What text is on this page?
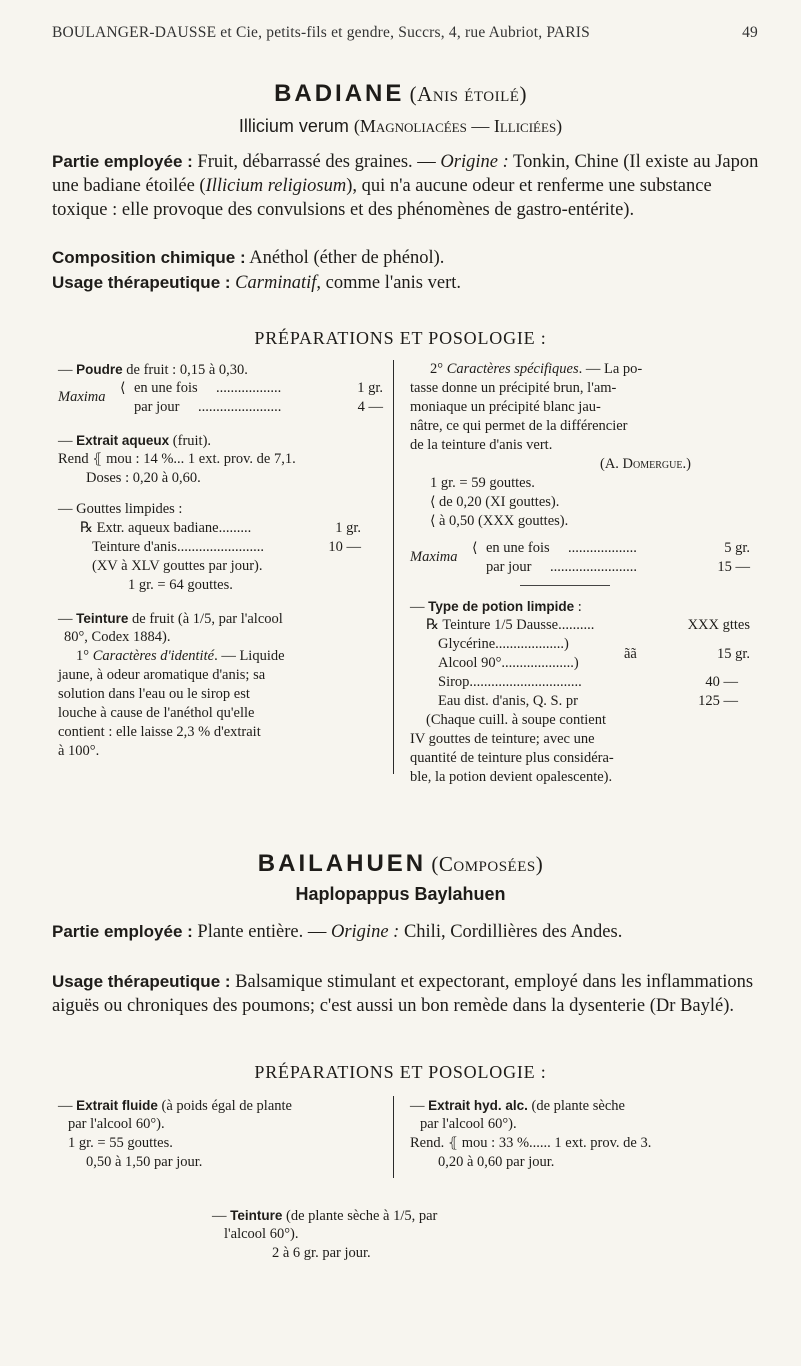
BOULANGER-DAUSSE et Cie, petits-fils et gendre, Succrs, 4, rue Aubriot, PARIS	49
BADIANE (Anis étoilé)
Illicium verum (Magnoliacées — Illiciées)
Partie employée : Fruit, débarrassé des graines. — Origine : Tonkin, Chine (Il existe au Japon une badiane étoilée (Illicium religiosum), qui n'a aucune odeur et renferme une substance toxique : elle provoque des convulsions et des phénomènes de gastro-entérite).
Composition chimique : Anéthol (éther de phénol).
Usage thérapeutique : Carminatif, comme l'anis vert.
PRÉPARATIONS ET POSOLOGIE :
— Poudre de fruit : 0,15 à 0,30.
Maxima
⟨ en une fois ..................	1 gr.
par jour .......................	4 —
— Extrait aqueux (fruit).
Rend ⦃ mou : 14 %... 1 ext. prov. de 7,1.
Doses : 0,20 à 0,60.
— Gouttes limpides :
℞ Extr. aqueux badiane.........	1 gr.
Teinture d'anis........................	10 —
(XV à XLV gouttes par jour).
1 gr. = 64 gouttes.
— Teinture de fruit (à 1/5, par l'alcool
80°, Codex 1884).
1° Caractères d'identité. — Liquide
jaune, à odeur aromatique d'anis; sa
solution dans l'eau ou le sirop est
louche à cause de l'anéthol qu'elle
contient : elle laisse 2,3 % d'extrait
à 100°.
2° Caractères spécifiques. — La po-
tasse donne un précipité brun, l'am-
moniaque un précipité blanc jau-
nâtre, ce qui permet de la différencier
de la teinture d'anis vert.
(A. Domergue.)
1 gr. = 59 gouttes.
⟨ de 0,20 (XI gouttes).
⟨ à 0,50 (XXX gouttes).
Maxima
⟨ en une fois ...................	5 gr.
par jour ........................	15 —
— Type de potion limpide :
℞ Teinture 1/5 Dausse..........	XXX gttes
Glycérine...................)
Alcool 90°....................)
ãã	15 gr.
Sirop...............................	40 —
Eau dist. d'anis, Q. S. pr	125 —
(Chaque cuill. à soupe contient
IV gouttes de teinture; avec une
quantité de teinture plus considéra-
ble, la potion devient opalescente).
BAILAHUEN (Composées)
Haplopappus Baylahuen
Partie employée : Plante entière. — Origine : Chili, Cordillières des Andes.
Usage thérapeutique : Balsamique stimulant et expectorant, employé dans les inflammations aiguës ou chroniques des poumons; c'est aussi un bon remède dans la dysenterie (Dr Baylé).
PRÉPARATIONS ET POSOLOGIE :
— Extrait fluide (à poids égal de plante
par l'alcool 60°).
1 gr. = 55 gouttes.
0,50 à 1,50 par jour.
— Extrait hyd. alc. (de plante sèche
par l'alcool 60°).
Rend. ⦃ mou : 33 %...... 1 ext. prov. de 3.
0,20 à 0,60 par jour.
— Teinture (de plante sèche à 1/5, par
l'alcool 60°).
2 à 6 gr. par jour.
